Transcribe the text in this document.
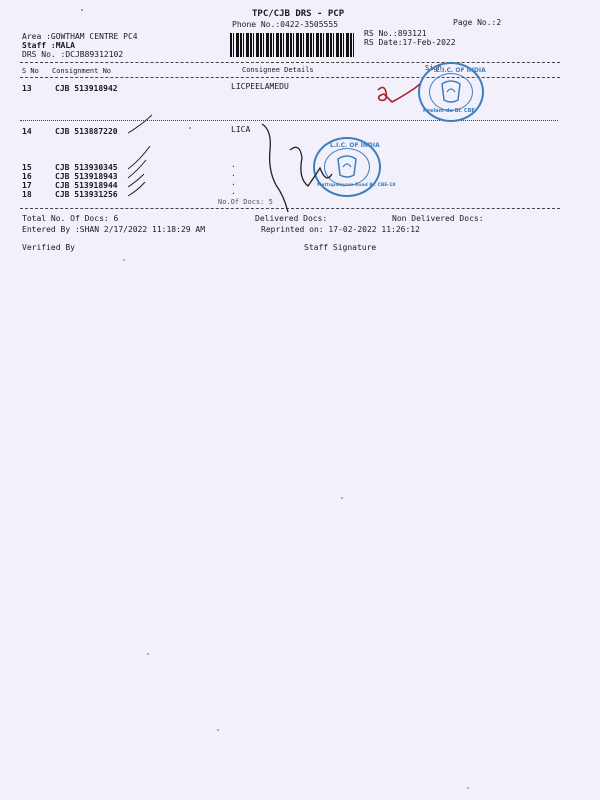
TPC/CJB DRS - PCP
Phone No.:0422-3505555	Page No.:2
Area :GOWTHAM CENTRE PC4
Staff :MALA
DRS No. :DCJB89312102
RS No.:893121
RS Date:17-Feb-2022
S No Consignment No	Consignee Details	Sign
13	CJB 513918942	LICPEELAMEDU
14	CJB 513887220	LICA
15	CJB 513930345	.
16	CJB 513918943	.
17	CJB 513918944	.
18	CJB 513931256	.
No.Of Docs: 5
Total No. Of Docs: 6	Delivered Docs:	Non Delivered Docs:
Entered By :SHAN 2/17/2022 11:18:29 AM	Reprinted on: 17-02-2022 11:26:12
Verified By	Staff Signature
L.I.C. OF INDIA
Peelam-du Br. CBE
L.I.C. OF INDIA
Mettupalayam Road Br. CBE-18
